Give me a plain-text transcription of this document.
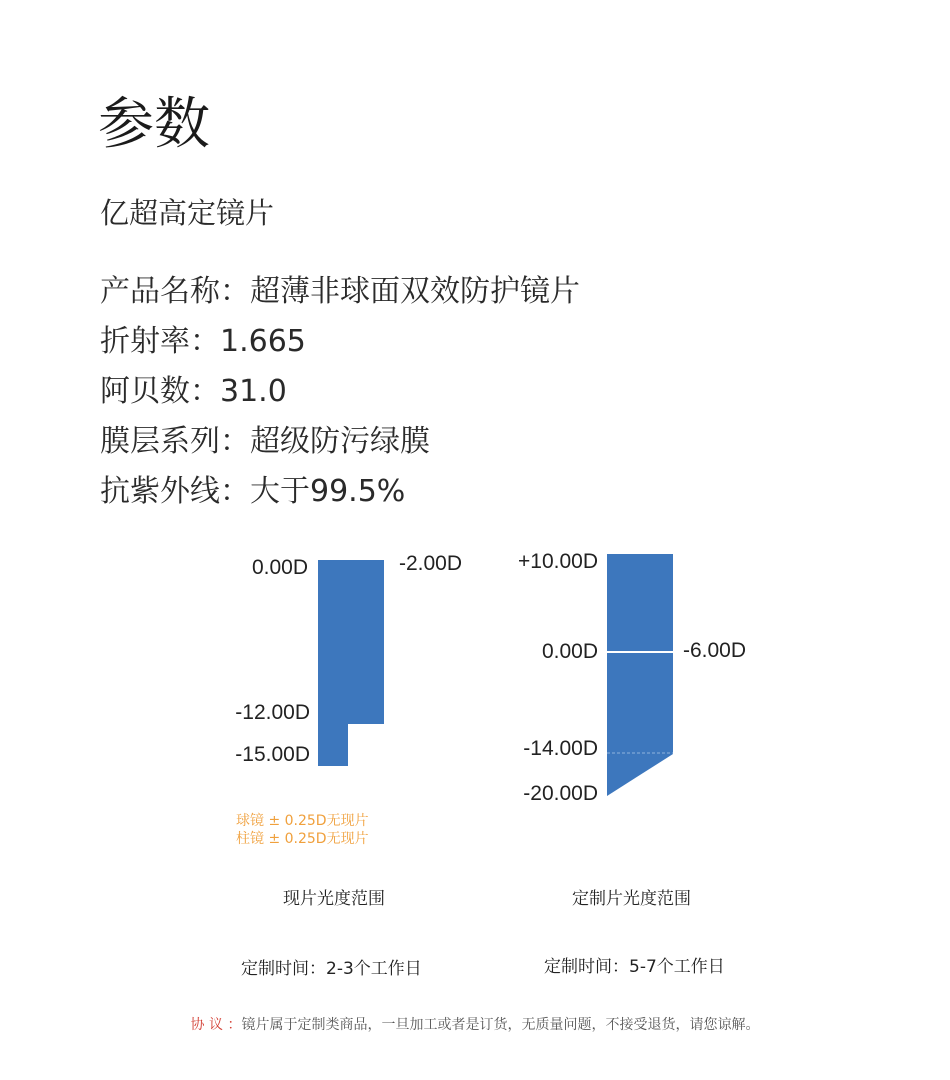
参数
亿超高定镜片
产品名称：超薄非球面双效防护镜片
折射率：1.665
阿贝数：31.0
膜层系列：超级防污绿膜
抗紫外线：大于99.5%
0.00D	-2.00D
-12.00D
-15.00D
球镜 ± 0.25D无现片
柱镜 ± 0.25D无现片
现片光度范围
定制时间：2-3个工作日
+10.00D
0.00D	-6.00D
-14.00D
-20.00D
定制片光度范围
定制时间：5-7个工作日
协 议 ：镜片属于定制类商品，一旦加工或者是订货，无质量问题，不接受退货，请您谅解。
